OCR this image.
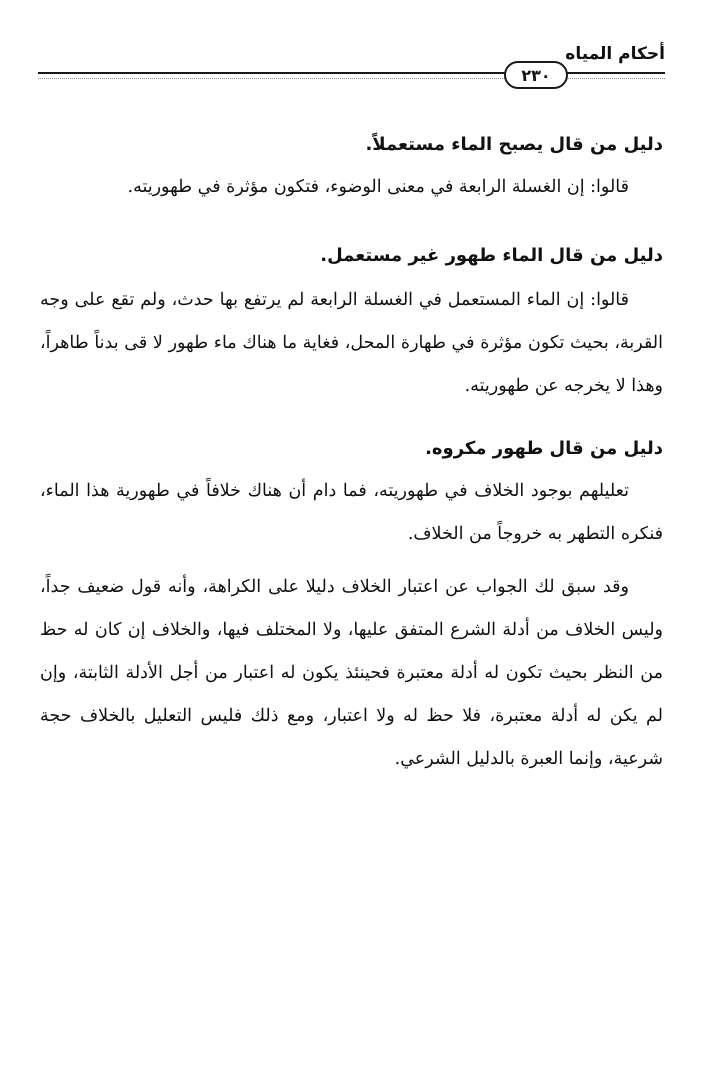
أحكام المياه
٢٣٠
دليل من قال يصبح الماء مستعملاً.

قالوا: إن الغسلة الرابعة في معنى الوضوء، فتكون مؤثرة في طهوريته.

دليل من قال الماء طهور غير مستعمل.

قالوا: إن الماء المستعمل في الغسلة الرابعة لم يرتفع بها حدث، ولم تقع على وجه القربة، بحيث تكون مؤثرة في طهارة المحل، فغاية ما هناك ماء طهور لا قى بدناً طاهراً، وهذا لا يخرجه عن طهوريته.

دليل من قال طهور مكروه.

تعليلهم بوجود الخلاف في طهوريته، فما دام أن هناك خلافاً في طهورية هذا الماء، فنكره التطهر به خروجاً من الخلاف.

وقد سبق لك الجواب عن اعتبار الخلاف دليلا على الكراهة، وأنه قول ضعيف جداً، وليس الخلاف من أدلة الشرع المتفق عليها، ولا المختلف فيها، والخلاف إن كان له حظ من النظر بحيث تكون له أدلة معتبرة فحينئذ يكون له اعتبار من أجل الأدلة الثابتة، وإن لم يكن له أدلة معتبرة، فلا حظ له ولا اعتبار، ومع ذلك فليس التعليل بالخلاف حجة شرعية، وإنما العبرة بالدليل الشرعي.
